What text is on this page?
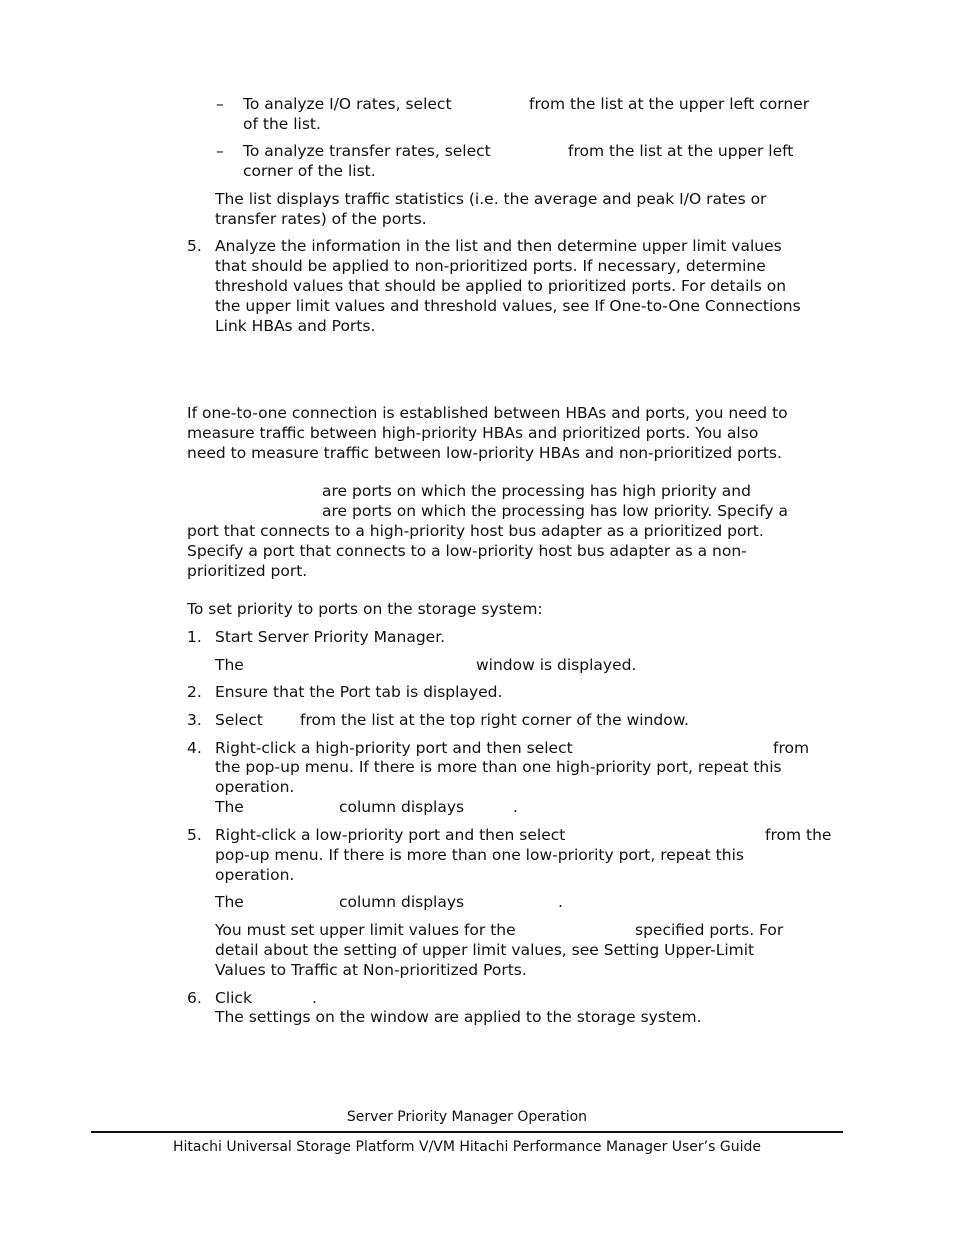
– To analyze I/O rates, select	from the list at the upper left corner
of the list.
– To analyze transfer rates, select	from the list at the upper left
corner of the list.
The list displays traffic statistics (i.e. the average and peak I/O rates or
transfer rates) of the ports.
5. Analyze the information in the list and then determine upper limit values
that should be applied to non-prioritized ports. If necessary, determine
threshold values that should be applied to prioritized ports. For details on
the upper limit values and threshold values, see If One-to-One Connections
Link HBAs and Ports.
If one-to-one connection is established between HBAs and ports, you need to
measure traffic between high-priority HBAs and prioritized ports. You also
need to measure traffic between low-priority HBAs and non-prioritized ports.
are ports on which the processing has high priority and
are ports on which the processing has low priority. Specify a
port that connects to a high-priority host bus adapter as a prioritized port.
Specify a port that connects to a low-priority host bus adapter as a non-
prioritized port.
To set priority to ports on the storage system:
1. Start Server Priority Manager.
The	window is displayed.
2. Ensure that the Port tab is displayed.
3. Select from the list at the top right corner of the window.
4. Right-click a high-priority port and then select	from
the pop-up menu. If there is more than one high-priority port, repeat this
operation.
The	column displays	.
5. Right-click a low-priority port and then select	from the
pop-up menu. If there is more than one low-priority port, repeat this
operation.
The	column displays	.
You must set upper limit values for the	specified ports. For
detail about the setting of upper limit values, see Setting Upper-Limit
Values to Traffic at Non-prioritized Ports.
6. Click	.
The settings on the window are applied to the storage system.
Server Priority Manager Operation
Hitachi Universal Storage Platform V/VM Hitachi Performance Manager User’s Guide
